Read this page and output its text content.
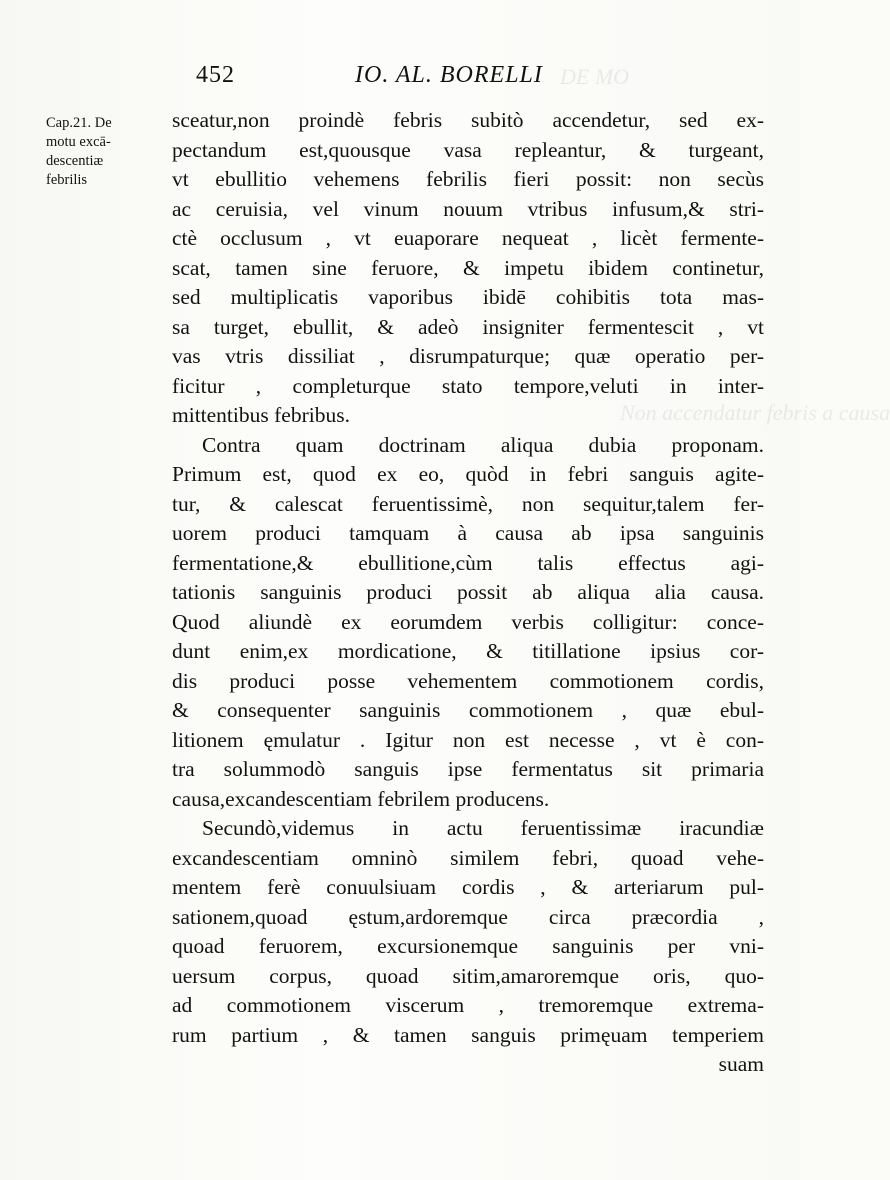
DE MO
Non accendatur febris a causa
452	IO. AL. BORELLI
Cap.21. De
motu excā-
descentiæ
febrilis
sceatur,non proindè febris subitò accendetur, sed ex-
pectandum est,quousque vasa repleantur, & turgeant,
vt ebullitio vehemens febrilis fieri possit: non secùs
ac ceruisia, vel vinum nouum vtribus infusum,& stri-
ctè occlusum , vt euaporare nequeat , licèt fermente-
scat, tamen sine feruore, & impetu ibidem continetur,
sed multiplicatis vaporibus ibidē cohibitis tota mas-
sa turget, ebullit, & adeò insigniter fermentescit , vt
vas vtris dissiliat , disrumpaturque; quæ operatio per-
ficitur , completurque stato tempore,veluti in inter-
mittentibus febribus.
Contra quam doctrinam aliqua dubia proponam.
Primum est, quod ex eo, quòd in febri sanguis agite-
tur, & calescat feruentissimè, non sequitur,talem fer-
uorem produci tamquam à causa ab ipsa sanguinis
fermentatione,& ebullitione,cùm talis effectus agi-
tationis sanguinis produci possit ab aliqua alia causa.
Quod aliundè ex eorumdem verbis colligitur: conce-
dunt enim,ex mordicatione, & titillatione ipsius cor-
dis produci posse vehementem commotionem cordis,
& consequenter sanguinis commotionem , quæ ebul-
litionem ęmulatur . Igitur non est necesse , vt è con-
tra solummodò sanguis ipse fermentatus sit primaria
causa,excandescentiam febrilem producens.
Secundò,videmus in actu feruentissimæ iracundiæ
excandescentiam omninò similem febri, quoad vehe-
mentem ferè conuulsiuam cordis , & arteriarum pul-
sationem,quoad ęstum,ardoremque circa præcordia ,
quoad feruorem, excursionemque sanguinis per vni-
uersum corpus, quoad sitim,amaroremque oris, quo-
ad commotionem viscerum , tremoremque extrema-
rum partium , & tamen sanguis primęuam temperiem
suam
